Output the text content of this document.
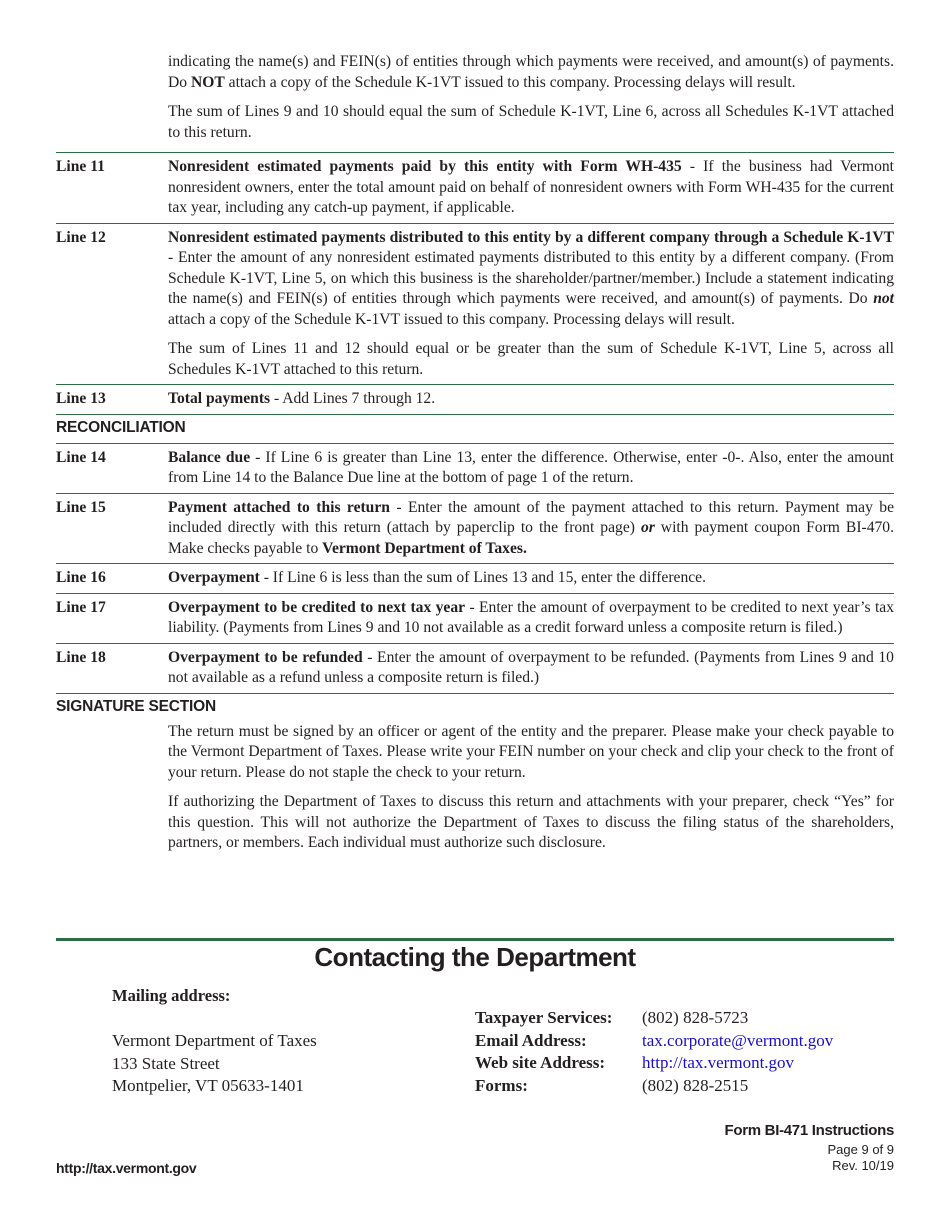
indicating the name(s) and FEIN(s) of entities through which payments were received, and amount(s) of payments. Do NOT attach a copy of the Schedule K-1VT issued to this company. Processing delays will result.
The sum of Lines 9 and 10 should equal the sum of Schedule K-1VT, Line 6, across all Schedules K-1VT attached to this return.
Line 11	Nonresident estimated payments paid by this entity with Form WH-435 - If the business had Vermont nonresident owners, enter the total amount paid on behalf of nonresident owners with Form WH-435 for the current tax year, including any catch-up payment, if applicable.
Line 12	Nonresident estimated payments distributed to this entity by a different company through a Schedule K-1VT - Enter the amount of any nonresident estimated payments distributed to this entity by a different company. (From Schedule K-1VT, Line 5, on which this business is the shareholder/partner/member.) Include a statement indicating the name(s) and FEIN(s) of entities through which payments were received, and amount(s) of payments. Do not attach a copy of the Schedule K-1VT issued to this company. Processing delays will result.

The sum of Lines 11 and 12 should equal or be greater than the sum of Schedule K-1VT, Line 5, across all Schedules K-1VT attached to this return.

Line 13	Total payments - Add Lines 7 through 12.
RECONCILIATION
Line 14	Balance due - If Line 6 is greater than Line 13, enter the difference. Otherwise, enter -0-. Also, enter the amount from Line 14 to the Balance Due line at the bottom of page 1 of the return.
Line 15	Payment attached to this return - Enter the amount of the payment attached to this return. Payment may be included directly with this return (attach by paperclip to the front page) or with payment coupon Form BI-470. Make checks payable to Vermont Department of Taxes.
Line 16	Overpayment - If Line 6 is less than the sum of Lines 13 and 15, enter the difference.
Line 17	Overpayment to be credited to next tax year - Enter the amount of overpayment to be credited to next year’s tax liability. (Payments from Lines 9 and 10 not available as a credit forward unless a composite return is filed.)
Line 18	Overpayment to be refunded - Enter the amount of overpayment to be refunded. (Payments from Lines 9 and 10 not available as a refund unless a composite return is filed.)
SIGNATURE SECTION
The return must be signed by an officer or agent of the entity and the preparer. Please make your check payable to the Vermont Department of Taxes. Please write your FEIN number on your check and clip your check to the front of your return. Please do not staple the check to your return.
If authorizing the Department of Taxes to discuss this return and attachments with your preparer, check “Yes” for this question. This will not authorize the Department of Taxes to discuss the filing status of the shareholders, partners, or members. Each individual must authorize such disclosure.
Contacting the Department
Mailing address:
Vermont Department of Taxes
133 State Street
Montpelier, VT 05633-1401
Taxpayer Services:	(802) 828-5723
Email Address:	tax.corporate@vermont.gov
Web site Address:	http://tax.vermont.gov
Forms:	(802) 828-2515
Form BI-471 Instructions
Page 9 of 9
Rev. 10/19
http://tax.vermont.gov
